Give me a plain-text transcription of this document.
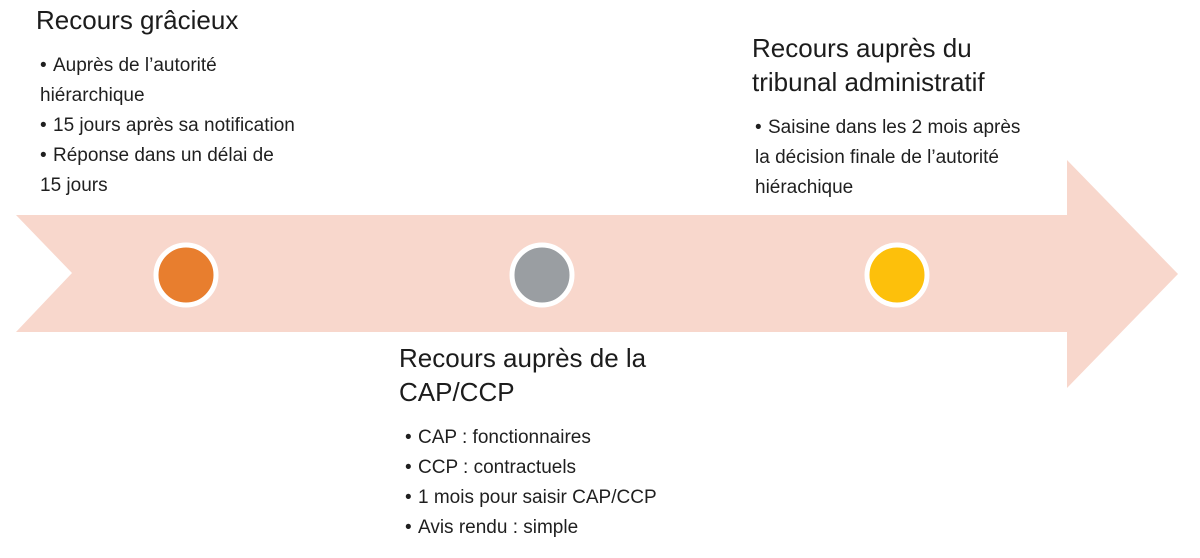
Recours grâcieux
• Auprès de l’autorité
hiérarchique
• 15 jours après sa notification
• Réponse dans un délai de
15 jours
Recours auprès du
tribunal administratif
• Saisine dans les 2 mois après
la décision finale de l’autorité
hiérachique
Recours auprès de la
CAP/CCP
• CAP : fonctionnaires
• CCP : contractuels
• 1 mois pour saisir CAP/CCP
• Avis rendu : simple
